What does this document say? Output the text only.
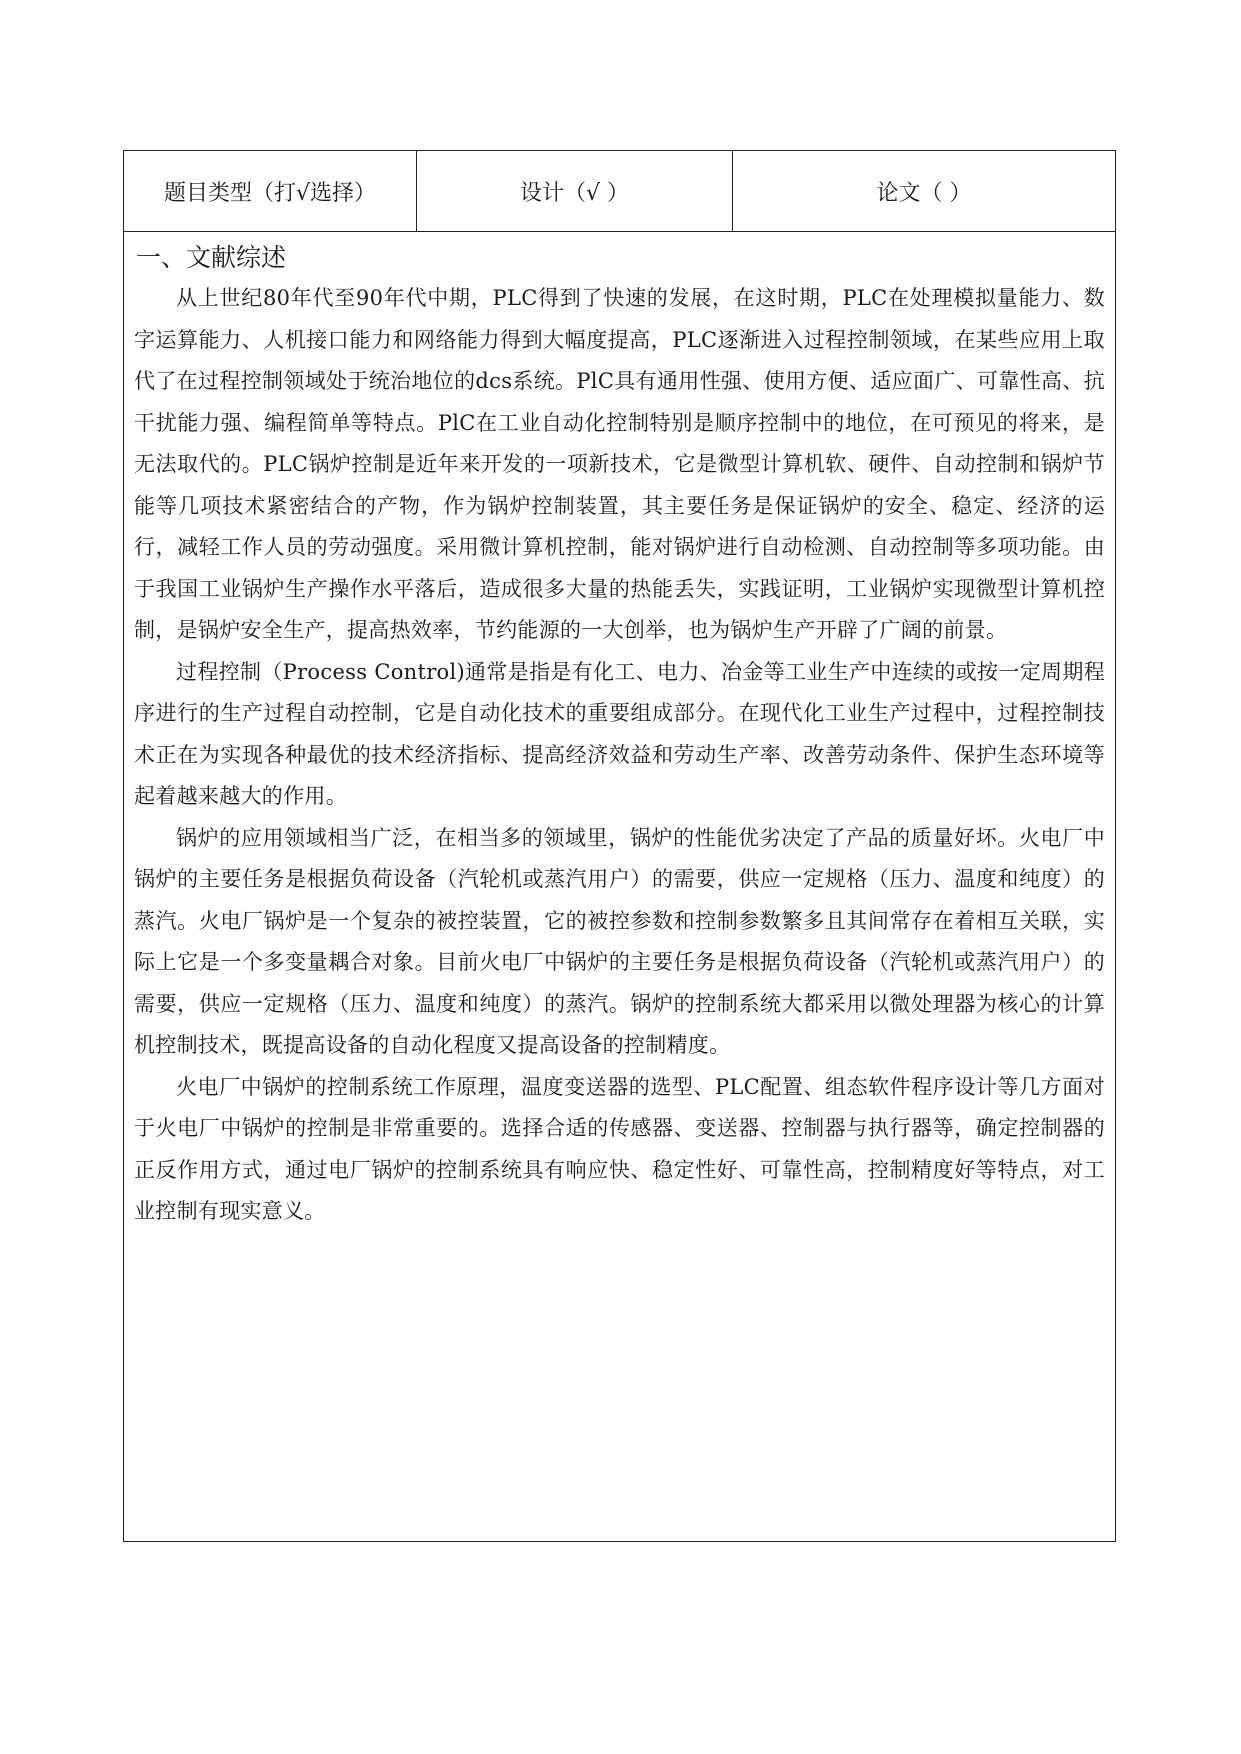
题目类型（打√选择）	设计（√ ）	论文（ ）
一、文献综述

从上世纪80年代至90年代中期，PLC得到了快速的发展，在这时期，PLC在处理模拟量能力、数字运算能力、人机接口能力和网络能力得到大幅度提高，PLC逐渐进入过程控制领域，在某些应用上取代了在过程控制领域处于统治地位的dcs系统。PlC具有通用性强、使用方便、适应面广、可靠性高、抗干扰能力强、编程简单等特点。PlC在工业自动化控制特别是顺序控制中的地位，在可预见的将来，是无法取代的。PLC锅炉控制是近年来开发的一项新技术，它是微型计算机软、硬件、自动控制和锅炉节能等几项技术紧密结合的产物，作为锅炉控制装置，其主要任务是保证锅炉的安全、稳定、经济的运行，减轻工作人员的劳动强度。采用微计算机控制，能对锅炉进行自动检测、自动控制等多项功能。由于我国工业锅炉生产操作水平落后，造成很多大量的热能丢失，实践证明，工业锅炉实现微型计算机控制，是锅炉安全生产，提高热效率，节约能源的一大创举，也为锅炉生产开辟了广阔的前景。

过程控制（Process Control)通常是指是有化工、电力、冶金等工业生产中连续的或按一定周期程序进行的生产过程自动控制，它是自动化技术的重要组成部分。在现代化工业生产过程中，过程控制技术正在为实现各种最优的技术经济指标、提高经济效益和劳动生产率、改善劳动条件、保护生态环境等起着越来越大的作用。

锅炉的应用领域相当广泛，在相当多的领域里，锅炉的性能优劣决定了产品的质量好坏。火电厂中锅炉的主要任务是根据负荷设备（汽轮机或蒸汽用户）的需要，供应一定规格（压力、温度和纯度）的蒸汽。火电厂锅炉是一个复杂的被控装置，它的被控参数和控制参数繁多且其间常存在着相互关联，实际上它是一个多变量耦合对象。目前火电厂中锅炉的主要任务是根据负荷设备（汽轮机或蒸汽用户）的需要，供应一定规格（压力、温度和纯度）的蒸汽。锅炉的控制系统大都采用以微处理器为核心的计算机控制技术，既提高设备的自动化程度又提高设备的控制精度。

火电厂中锅炉的控制系统工作原理，温度变送器的选型、PLC配置、组态软件程序设计等几方面对于火电厂中锅炉的控制是非常重要的。选择合适的传感器、变送器、控制器与执行器等，确定控制器的正反作用方式，通过电厂锅炉的控制系统具有响应快、稳定性好、可靠性高，控制精度好等特点，对工业控制有现实意义。
